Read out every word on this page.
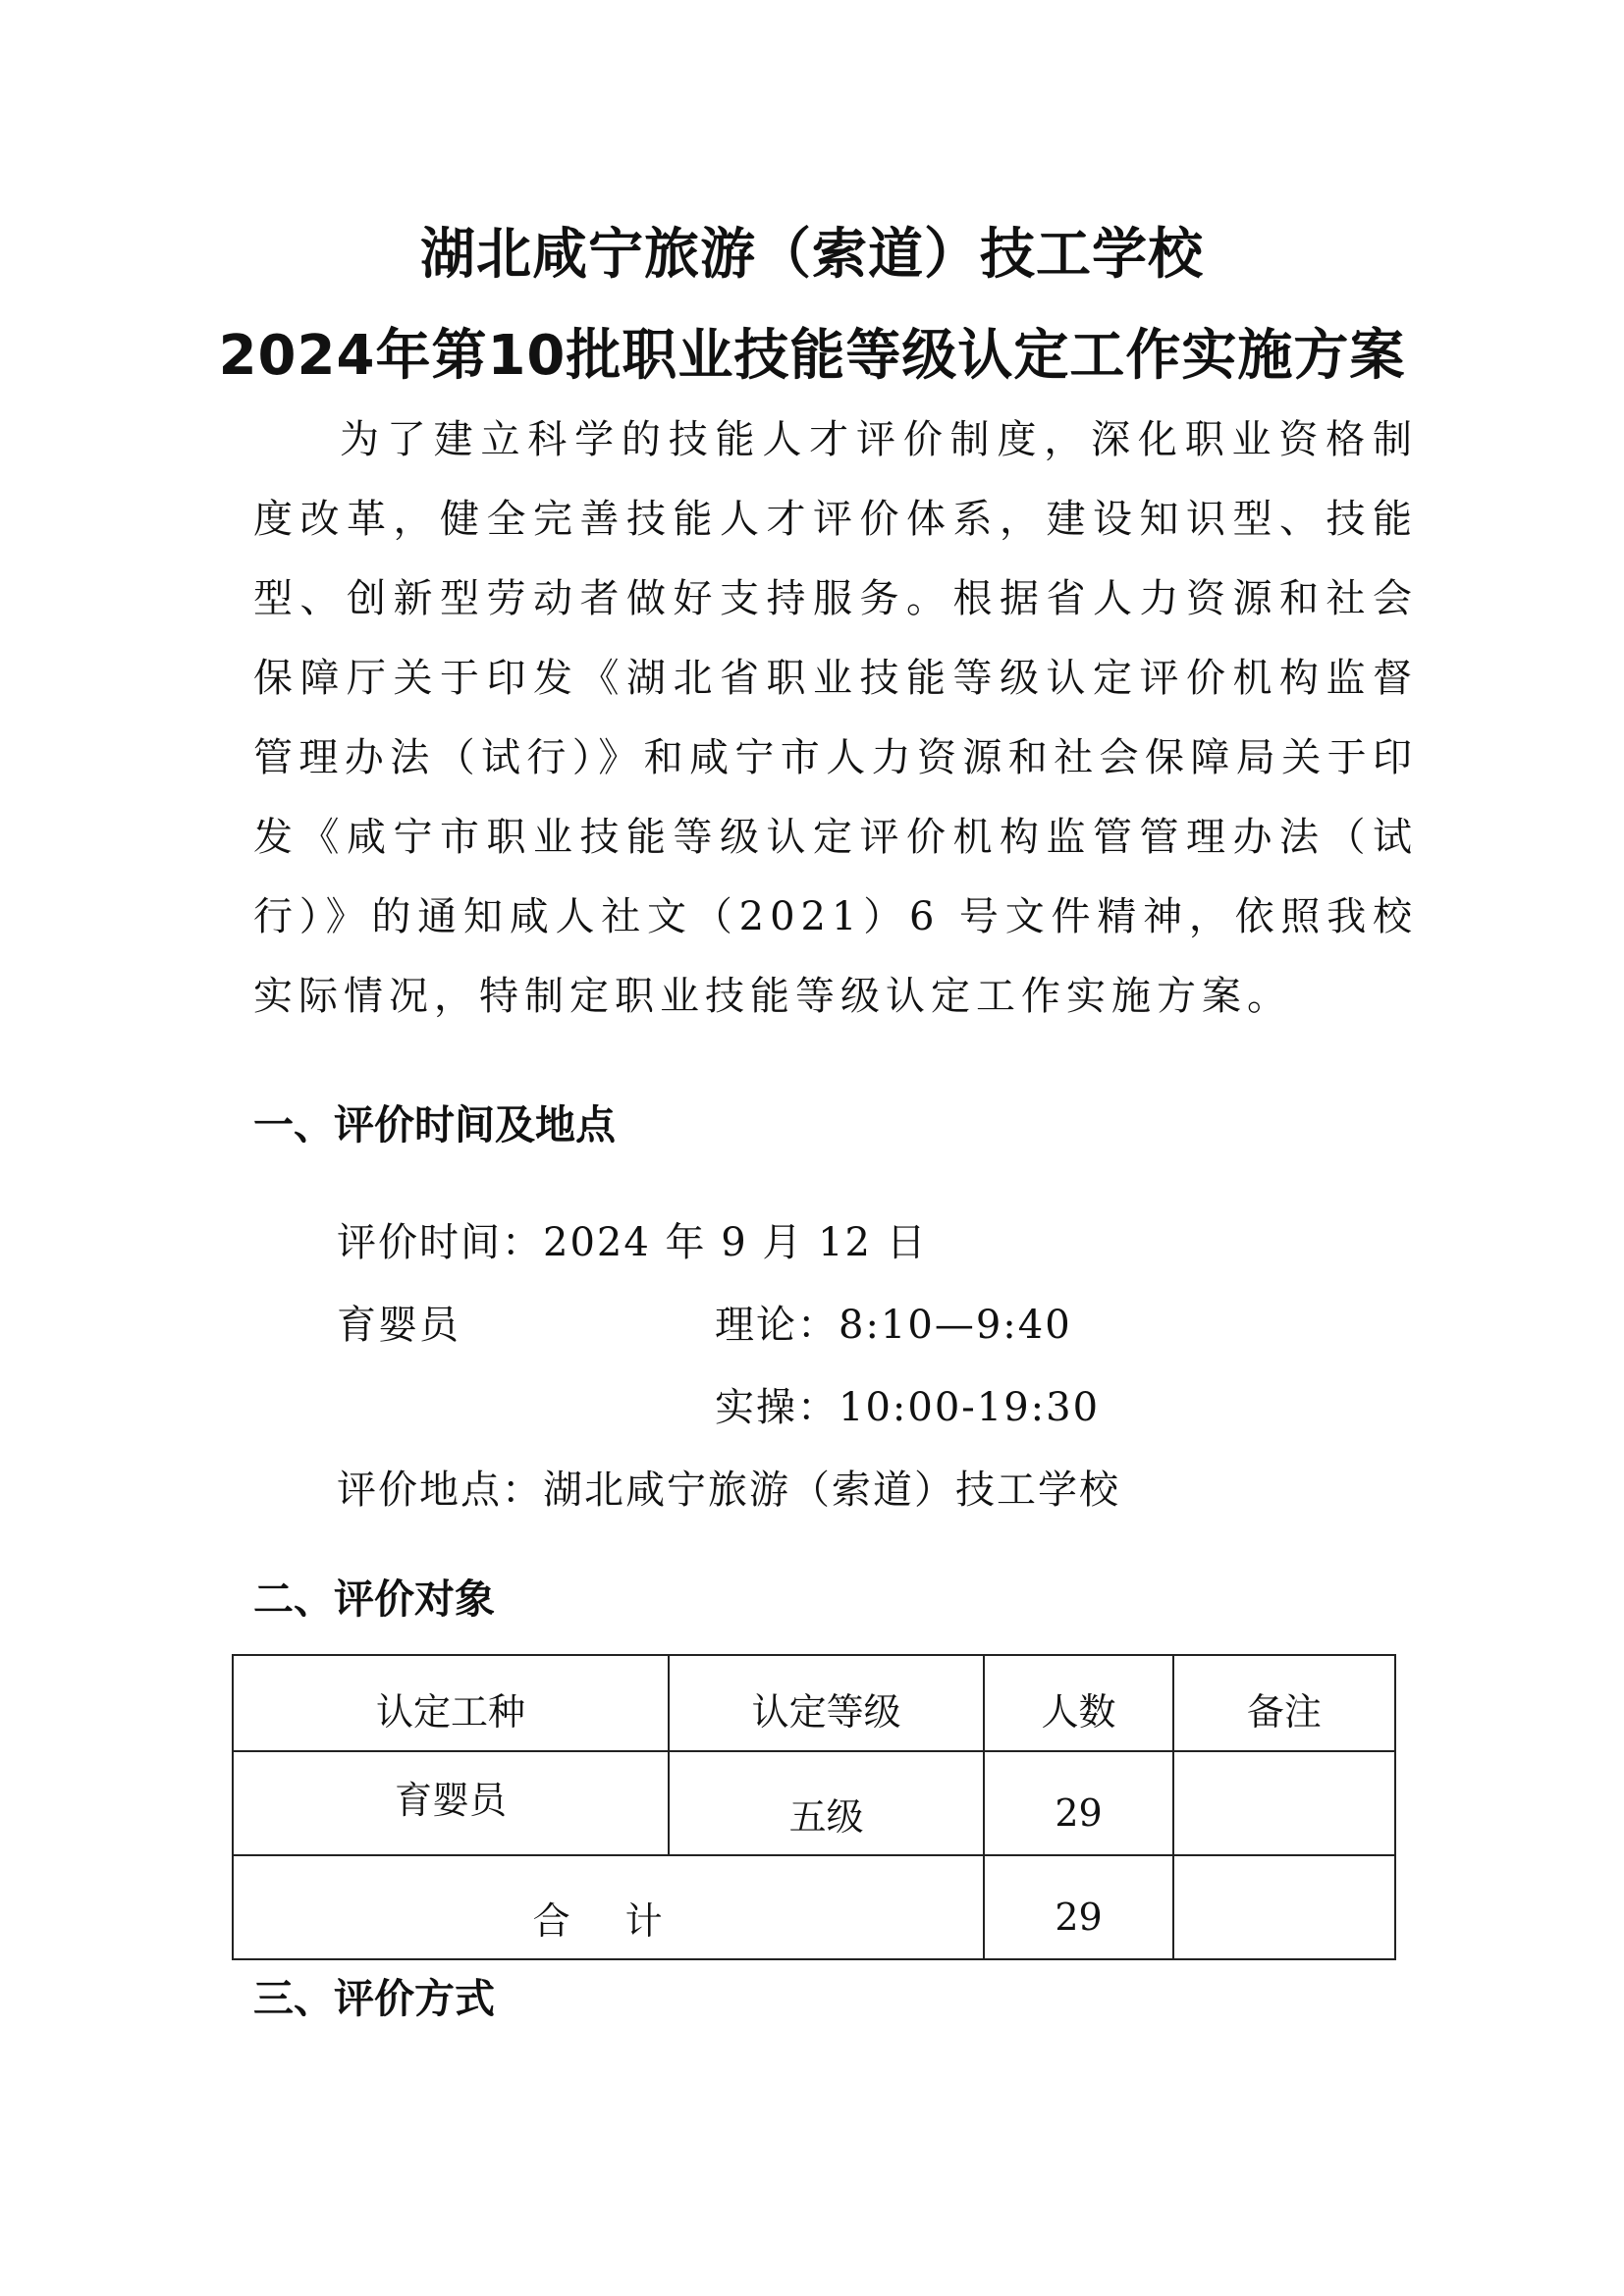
湖北咸宁旅游（索道）技工学校
2024年第10批职业技能等级认定工作实施方案
为了建立科学的技能人才评价制度，深化职业资格制度改革，健全完善技能人才评价体系，建设知识型、技能型、创新型劳动者做好支持服务。根据省人力资源和社会保障厅关于印发《湖北省职业技能等级认定评价机构监督管理办法（试行）》和咸宁市人力资源和社会保障局关于印发《咸宁市职业技能等级认定评价机构监管管理办法（试行）》的通知咸人社文（2021）6 号文件精神，依照我校实际情况，特制定职业技能等级认定工作实施方案。
一、评价时间及地点
评价时间：2024 年 9 月 12 日
育婴员	理论：8:10—9:40
实操：10:00-19:30
评价地点：湖北咸宁旅游（索道）技工学校
二、评价对象
认定工种	认定等级	人数	备注
育婴员	五级	29	
合 计		29	
三、评价方式
